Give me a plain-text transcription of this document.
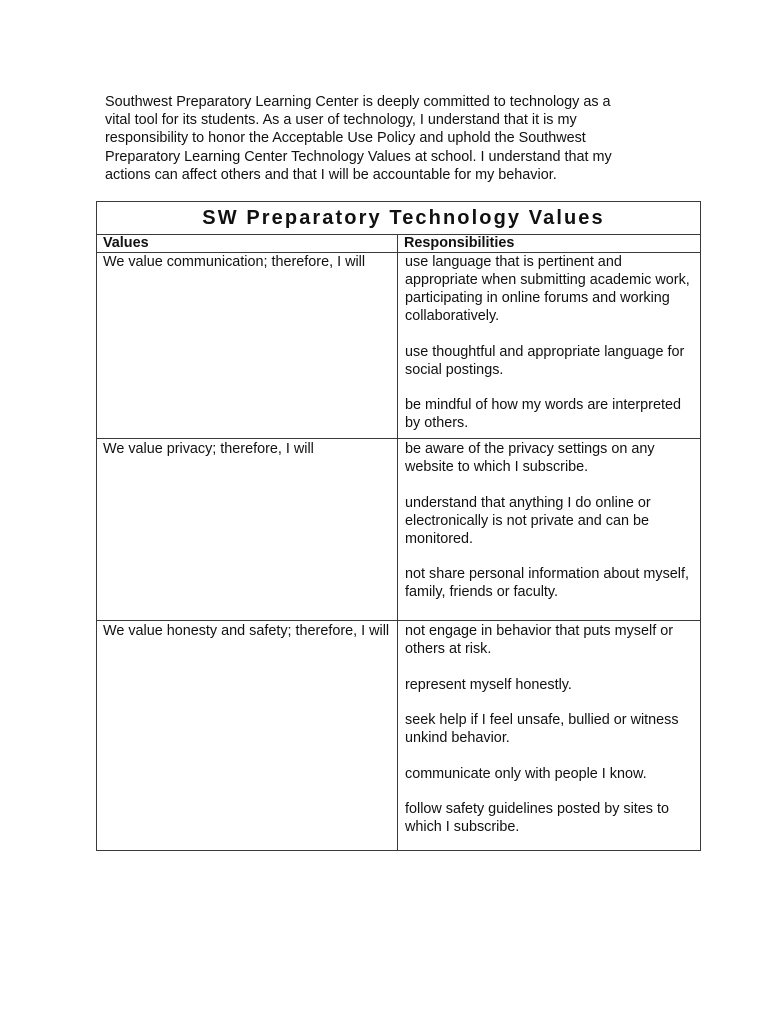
Southwest Preparatory Learning Center is deeply committed to technology as a
vital tool for its students. As a user of technology, I understand that it is my
responsibility to honor the Acceptable Use Policy and uphold the Southwest
Preparatory Learning Center Technology Values at school. I understand that my
actions can affect others and that I will be accountable for my behavior.

SW Preparatory Technology Values	
Values	Responsibilities
We value communication; therefore, I will	use language that is pertinent and appropriate when submitting academic work, participating in online forums and working collaboratively.
use thoughtful and appropriate language for social postings.
be mindful of how my words are interpreted by others.

We value privacy; therefore, I will	be aware of the privacy settings on any website to which I subscribe.
understand that anything I do online or electronically is not private and can be monitored.
not share personal information about myself, family, friends or faculty.

We value honesty and safety; therefore, I will	not engage in behavior that puts myself or others at risk.
represent myself honestly.
seek help if I feel unsafe, bullied or witness unkind behavior.
communicate only with people I know.
follow safety guidelines posted by sites to which I subscribe.
